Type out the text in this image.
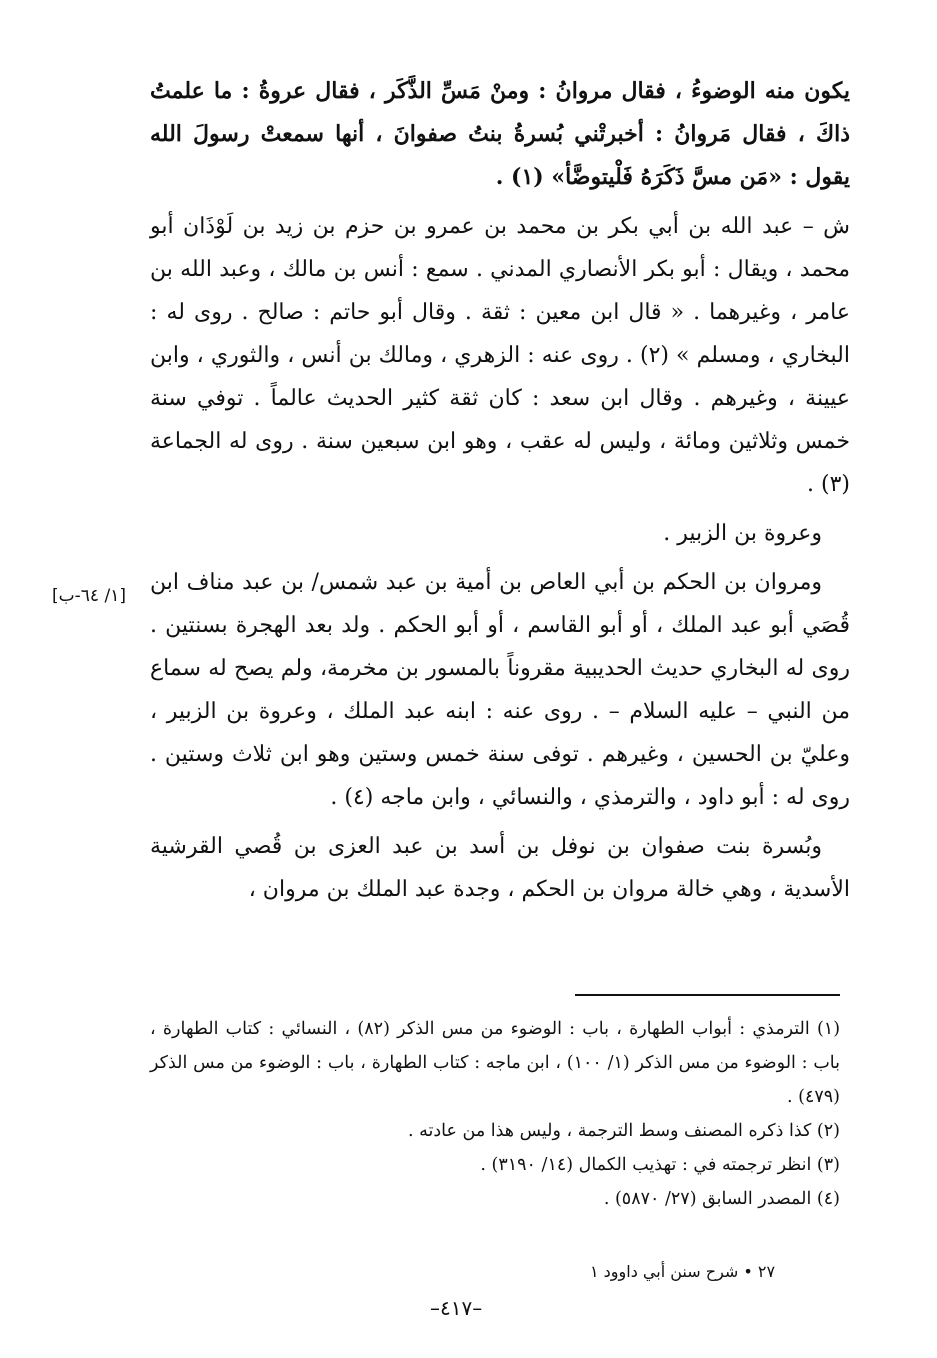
يكون منه الوضوءُ ، فقال مروانُ : ومنْ مَسِّ الذَّكَر ، فقال عروةُ : ما علمتُ ذاكَ ، فقال مَروانُ : أخبرتْني بُسرةُ بنتُ صفوانَ ، أنها سمعتْ رسولَ الله يقول : «مَن مسَّ ذَكَرَهُ فَلْيتوضَّأ» (١) .

ش – عبد الله بن أبي بكر بن محمد بن عمرو بن حزم بن زيد بن لَوْذَان أبو محمد ، ويقال : أبو بكر الأنصاري المدني . سمع : أنس بن مالك ، وعبد الله بن عامر ، وغيرهما . « قال ابن معين : ثقة . وقال أبو حاتم : صالح . روى له : البخاري ، ومسلم » (٢) . روى عنه : الزهري ، ومالك بن أنس ، والثوري ، وابن عيينة ، وغيرهم . وقال ابن سعد : كان ثقة كثير الحديث عالماً . توفي سنة خمس وثلاثين ومائة ، وليس له عقب ، وهو ابن سبعين سنة . روى له الجماعة (٣) .

وعروة بن الزبير .

ومروان بن الحكم بن أبي العاص بن أمية بن عبد شمس/ بن عبد مناف ابن قُصَي أبو عبد الملك ، أو أبو القاسم ، أو أبو الحكم . ولد بعد الهجرة بسنتين . روى له البخاري حديث الحديبية مقروناً بالمسور بن مخرمة، ولم يصح له سماع من النبي – عليه السلام – . روى عنه : ابنه عبد الملك ، وعروة بن الزبير ، وعليّ بن الحسين ، وغيرهم . توفى سنة خمس وستين وهو ابن ثلاث وستين . روى له : أبو داود ، والترمذي ، والنسائي ، وابن ماجه (٤) .

وبُسرة بنت صفوان بن نوفل بن أسد بن عبد العزى بن قُصي القرشية الأسدية ، وهي خالة مروان بن الحكم ، وجدة عبد الملك بن مروان ،

[١/ ٦٤-ب]

(١) الترمذي : أبواب الطهارة ، باب : الوضوء من مس الذكر (٨٢) ، النسائي : كتاب الطهارة ، باب : الوضوء من مس الذكر (١/ ١٠٠) ، ابن ماجه : كتاب الطهارة ، باب : الوضوء من مس الذكر (٤٧٩) .

(٢) كذا ذكره المصنف وسط الترجمة ، وليس هذا من عادته .

(٣) انظر ترجمته في : تهذيب الكمال (١٤/ ٣١٩٠) .

(٤) المصدر السابق (٢٧/ ٥٨٧٠) .

٢٧ • شرح سنن أبي داوود ١
–٤١٧–
